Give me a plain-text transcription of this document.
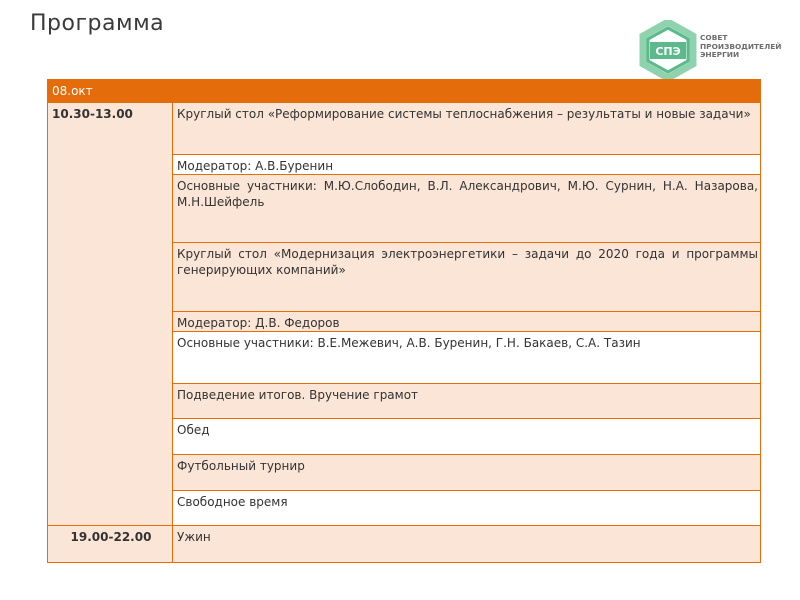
Программа
СПЭ
СОВЕТ
ПРОИЗВОДИТЕЛЕЙ
ЭНЕРГИИ
08.окт	
10.30-13.00	Круглый стол «Реформирование системы теплоснабжения – результаты и новые задачи»
	Модератор: А.В.Буренин
	Основные участники: М.Ю.Слободин, В.Л. Александрович, М.Ю. Сурнин, Н.А. Назарова, М.Н.Шейфель
	Круглый стол «Модернизация электроэнергетики – задачи до 2020 года и программы генерирующих компаний»
	Модератор: Д.В. Федоров
	Основные участники: В.Е.Межевич, А.В. Буренин, Г.Н. Бакаев, С.А. Тазин
	Подведение итогов. Вручение грамот
	Обед
	Футбольный турнир
	Свободное время
19.00-22.00	Ужин
